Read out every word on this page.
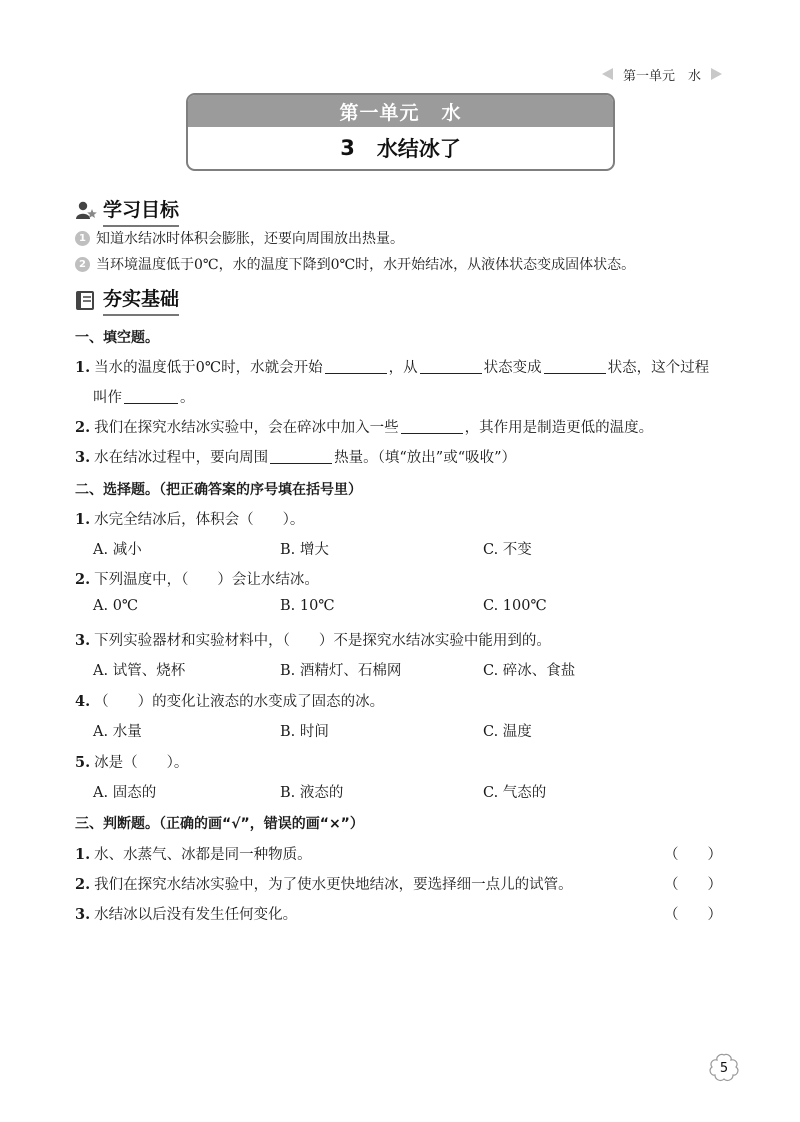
第一单元　水
第一单元 水
3 水结冰了
学习目标
1 知道水结冰时体积会膨胀，还要向周围放出热量。
2 当环境温度低于0℃，水的温度下降到0℃时，水开始结冰，从液体状态变成固体状态。
夯实基础
一、填空题。
1. 当水的温度低于0℃时，水就会开始	，从	状态变成	状态，这个过程
叫作	。
2. 我们在探究水结冰实验中，会在碎冰中加入一些	，其作用是制造更低的温度。
3. 水在结冰过程中，要向周围	热量。（填“放出”或“吸收”）
二、选择题。（把正确答案的序号填在括号里）
1. 水完全结冰后，体积会（　　）。
A. 减小	B. 增大	C. 不变
2. 下列温度中，（　　）会让水结冰。
A. 0℃	B. 10℃	C. 100℃
3. 下列实验器材和实验材料中，（　　）不是探究水结冰实验中能用到的。
A. 试管、烧杯	B. 酒精灯、石棉网	C. 碎冰、食盐
4. （　　）的变化让液态的水变成了固态的冰。
A. 水量	B. 时间	C. 温度
5. 冰是（　　）。
A. 固态的	B. 液态的	C. 气态的
三、判断题。（正确的画“√”，错误的画“×”）
1. 水、水蒸气、冰都是同一种物质。	（　　）
2. 我们在探究水结冰实验中，为了使水更快地结冰，要选择细一点儿的试管。	（　　）
3. 水结冰以后没有发生任何变化。	（　　）
5
